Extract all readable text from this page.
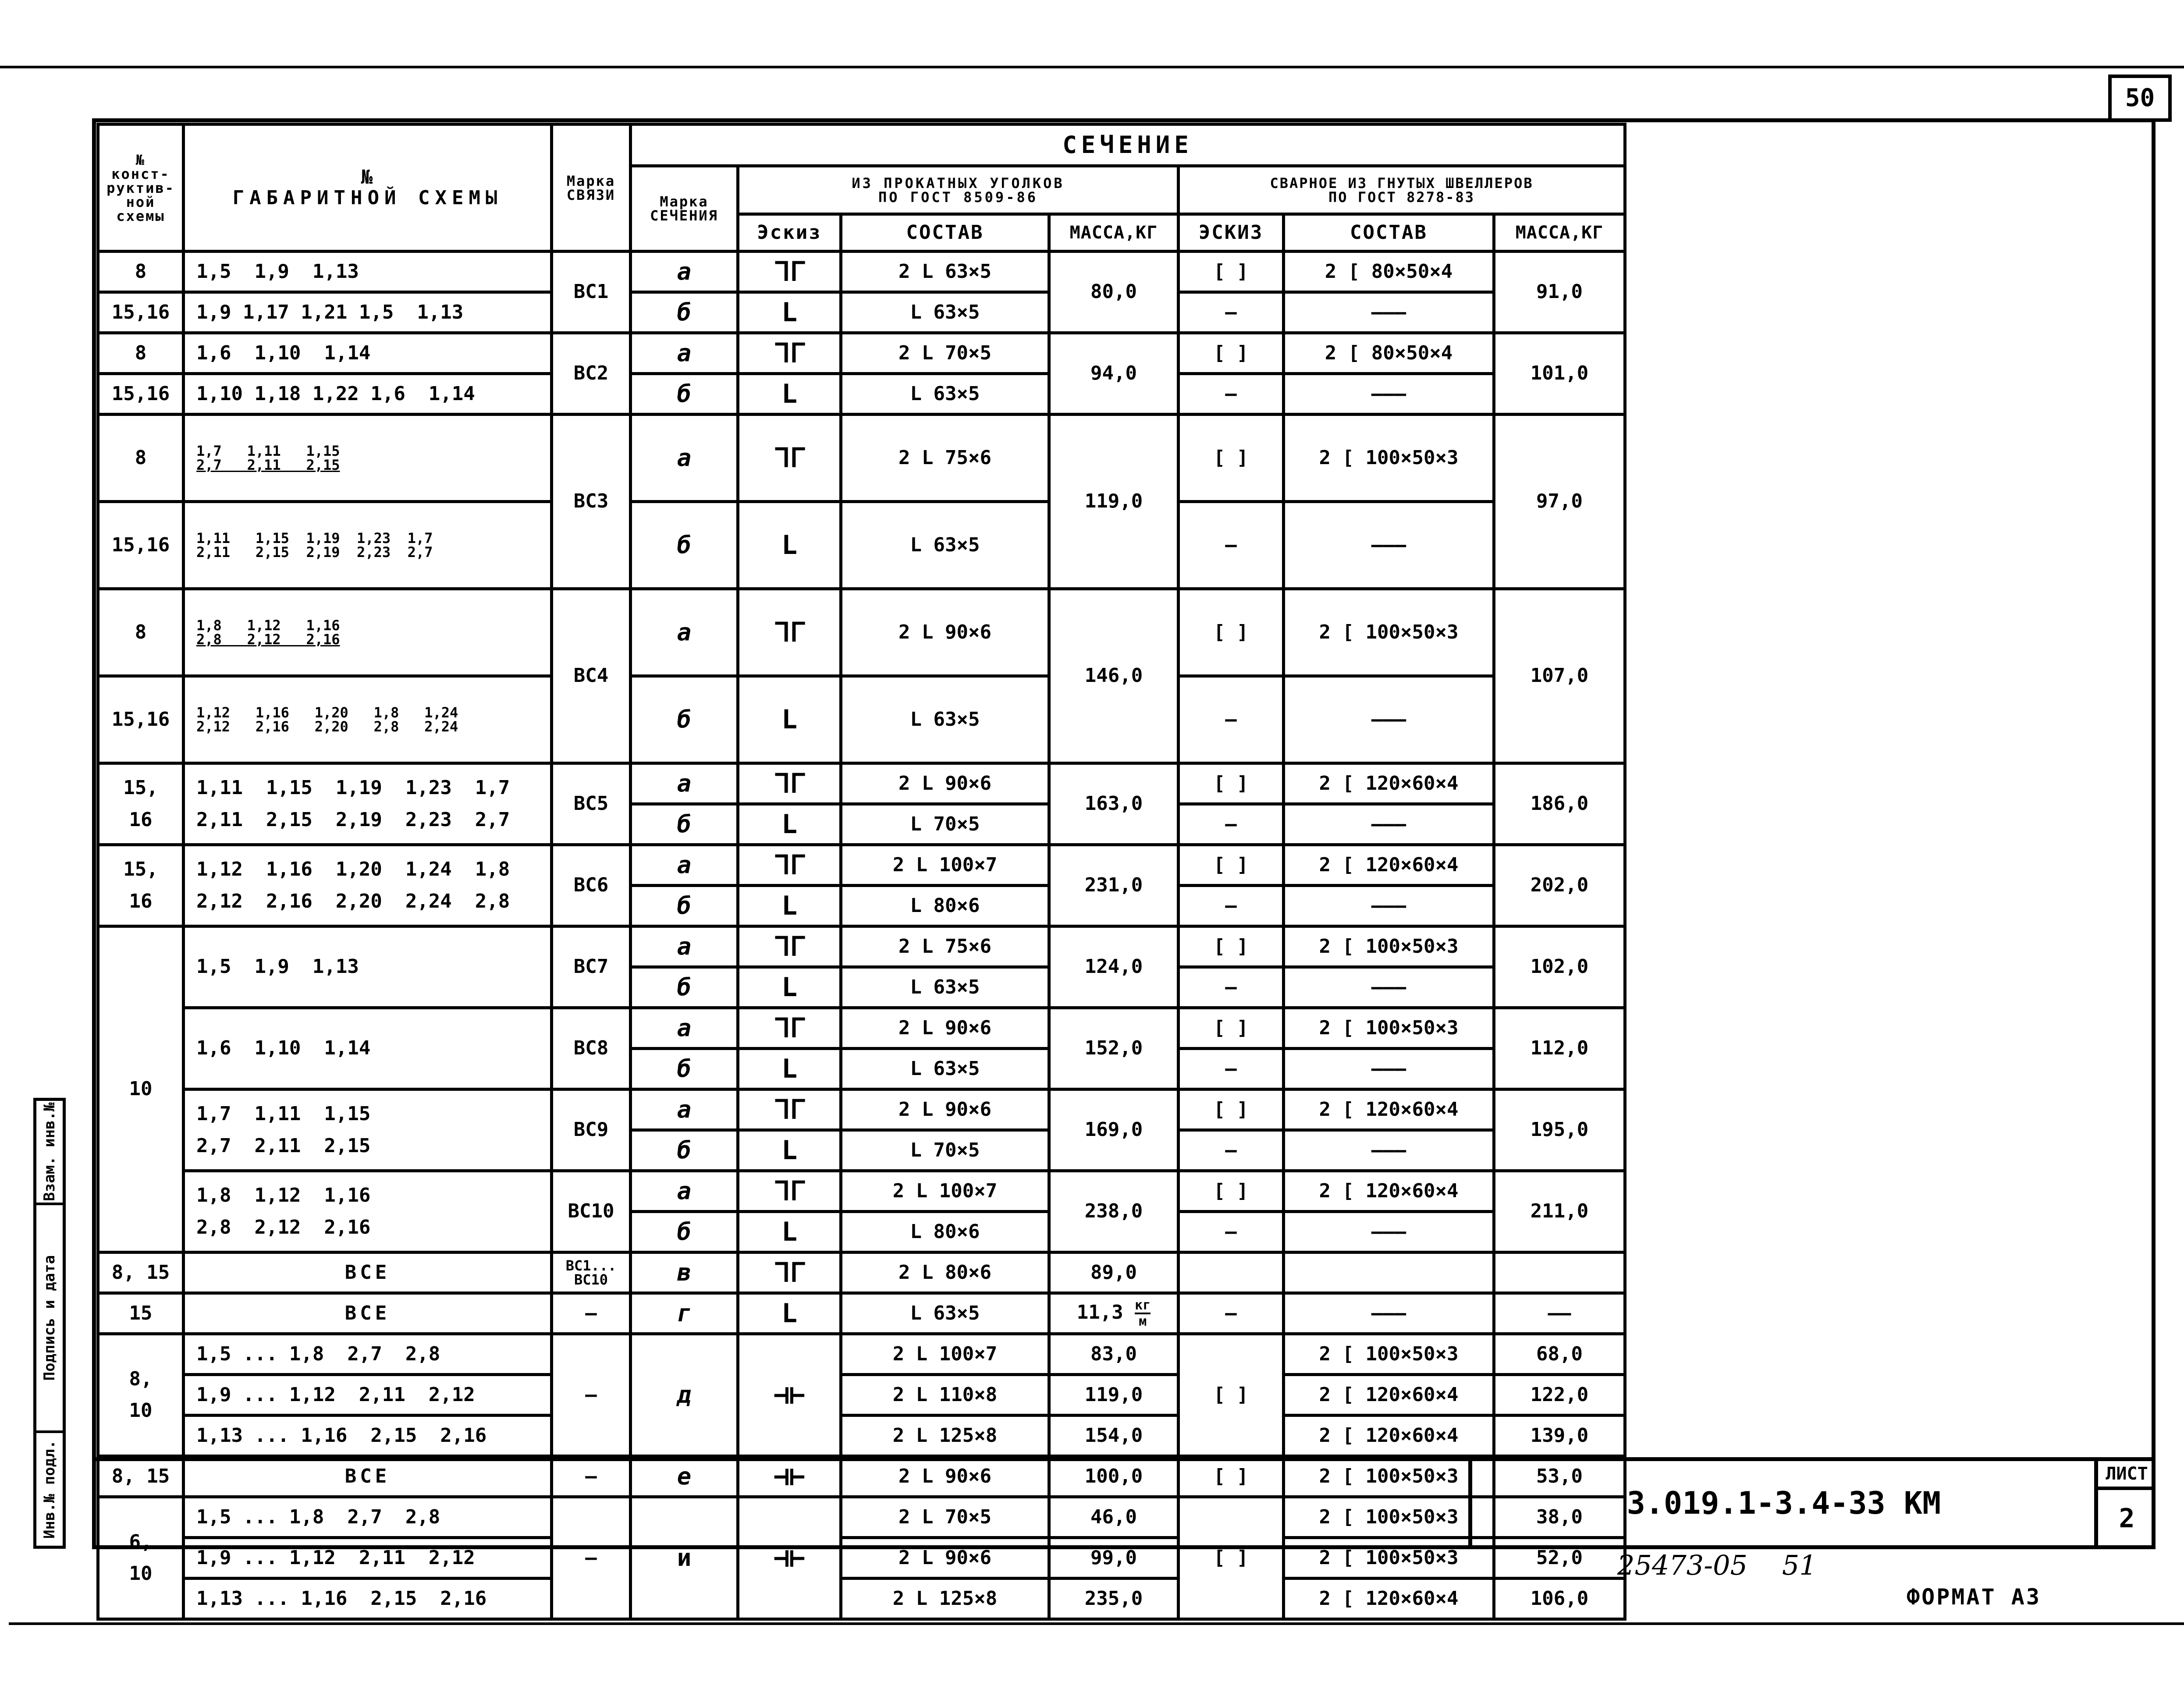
50
№
конст-
руктив-
ной
схемы	№
ГАБАРИТНОЙ СХЕМЫ	Марка
СВЯЗИ	СЕЧЕНИЕ						

			Марка
СЕЧЕНИЯ	ИЗ ПРОКАТНЫХ УГОЛКОВ
ПО ГОСТ 8509-86			СВАРНОЕ ИЗ ГНУТЫХ ШВЕЛЛЕРОВ
ПО ГОСТ 8278-83		

				Эскиз	СОСТАВ	МАССА,КГ	ЭСКИЗ	СОСТАВ	МАССА,КГ
8	1,5  1,9  1,13	ВС1	а	ᒣᒥ	2 L 63×5	80,0	[ ]	2 [ 80×50×4	91,0
15,16	1,9 1,17 1,21 1,5  1,13		б	L	L 63×5		—	———	
8	1,6  1,10  1,14	ВС2	а	ᒣᒥ	2 L 70×5	94,0	[ ]	2 [ 80×50×4	101,0
15,16	1,10 1,18 1,22 1,6  1,14		б	L	L 63×5		—	———	
8	1,7   1,11   1,15
2,7   2,11   2,15	ВС3	а	ᒣᒥ	2 L 75×6	119,0	[ ]	2 [ 100×50×3	97,0
15,16	1,11   1,15  1,19  1,23  1,7
2,11   2,15  2,19  2,23  2,7		б	L	L 63×5		—	———	
8	1,8   1,12   1,16
2,8   2,12   2,16	ВС4	а	ᒣᒥ	2 L 90×6	146,0	[ ]	2 [ 100×50×3	107,0
15,16	1,12   1,16   1,20   1,8   1,24
2,12   2,16   2,20   2,8   2,24		б	L	L 63×5		—	———	

15,
16	1,11  1,15  1,19  1,23  1,7
2,11  2,15  2,19  2,23  2,7	ВС5	а	ᒣᒥ	2 L 90×6	163,0	[ ]	2 [ 120×60×4	186,0
			б	L	L 70×5		—	———	

15,
16	1,12  1,16  1,20  1,24  1,8
2,12  2,16  2,20  2,24  2,8	ВС6	а	ᒣᒥ	2 L 100×7	231,0	[ ]	2 [ 120×60×4	202,0
			б	L	L 80×6		—	———	
10	1,5  1,9  1,13	ВС7	а	ᒣᒥ	2 L 75×6	124,0	[ ]	2 [ 100×50×3	102,0
			б	L	L 63×5		—	———	
	1,6  1,10  1,14	ВС8	а	ᒣᒥ	2 L 90×6	152,0	[ ]	2 [ 100×50×3	112,0
			б	L	L 63×5		—	———	

	1,7  1,11  1,15
2,7  2,11  2,15	ВС9	а	ᒣᒥ	2 L 90×6	169,0	[ ]	2 [ 120×60×4	195,0
			б	L	L 70×5		—	———	

	1,8  1,12  1,16
2,8  2,12  2,16	ВС10	а	ᒣᒥ	2 L 100×7	238,0	[ ]	2 [ 120×60×4	211,0
			б	L	L 80×6		—	———	
8, 15	ВСЕ	ВС1...
ВС10	в	ᒣᒥ	2 L 80×6	89,0			
15	ВСЕ	—	г	L	L 63×5	$11,3 \frac{кг}{м}$	—	———	——

8,
10	1,5 ... 1,8  2,7  2,8	—	д	⊣⊢	2 L 100×7	83,0	[ ]	2 [ 100×50×3	68,0
	1,9 ... 1,12  2,11  2,12				2 L 110×8	119,0		2 [ 120×60×4	122,0
	1,13 ... 1,16  2,15  2,16				2 L 125×8	154,0		2 [ 120×60×4	139,0
8, 15	ВСЕ	—	е	⊣⊢	2 L 90×6	100,0	[ ]	2 [ 100×50×3	53,0

6,
10	1,5 ... 1,8  2,7  2,8	—	и	⊣⊢	2 L 70×5	46,0	[ ]	2 [ 100×50×3	38,0
	1,9 ... 1,12  2,11  2,12				2 L 90×6	99,0		2 [ 100×50×3	52,0
	1,13 ... 1,16  2,15  2,16				2 L 125×8	235,0		2 [ 120×60×4	106,0
3.019.1-3.4-33 КМ
ЛИСТ
2
Инв.№ подл.
Подпись и дата
Взам. инв.№
25473-05    51
ФОРМАТ А3
